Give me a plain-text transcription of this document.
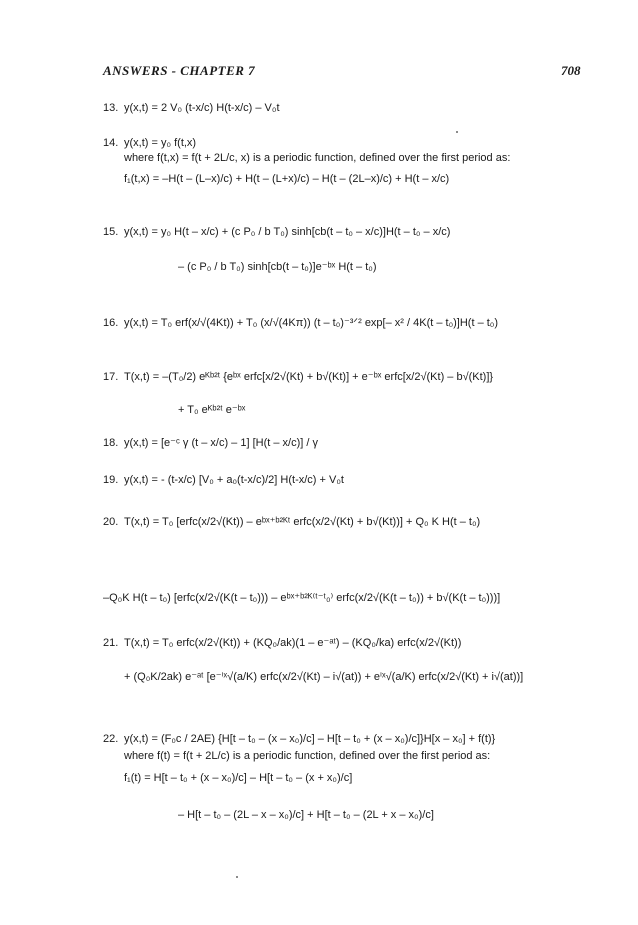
ANSWERS - CHAPTER 7	708
13. y(x,t) = 2 V₀ (t-x/c) H(t-x/c) – V₀t
14. y(x,t) = y₀ f(t,x)
where f(t,x) = f(t + 2L/c, x) is a periodic function, defined over the first period as:
f₁(t,x) = –H(t – (L–x)/c) + H(t – (L+x)/c) – H(t – (2L–x)/c) + H(t – x/c)
15. y(x,t) = y₀ H(t – x/c) + (c P₀ / b T₀) sinh[cb(t – t₀ – x/c)]H(t – t₀ – x/c)
– (c P₀ / b T₀) sinh[cb(t – t₀)]e⁻ᵇˣ H(t – t₀)
16. y(x,t) = T₀ erf(x/√(4Kt)) + T₀ (x/√(4Kπ)) (t – t₀)⁻³ᐟ² exp[– x² / 4K(t – t₀)]H(t – t₀)
17. T(x,t) = –(T₀/2) eᴷᵇ²ᵗ {eᵇˣ erfc[x/2√(Kt) + b√(Kt)] + e⁻ᵇˣ erfc[x/2√(Kt) – b√(Kt)]}
+ T₀ eᴷᵇ²ᵗ e⁻ᵇˣ
18. y(x,t) = [e⁻ᶜ γ (t – x/c) – 1] [H(t – x/c)] / γ
19. y(x,t) = - (t-x/c) [V₀ + a₀(t-x/c)/2] H(t-x/c) + V₀t
20. T(x,t) = T₀ [erfc(x/2√(Kt)) – eᵇˣ⁺ᵇ²ᴷᵗ erfc(x/2√(Kt) + b√(Kt))] + Q₀ K H(t – t₀)
–Q₀K H(t – t₀) [erfc(x/2√(K(t – t₀))) – eᵇˣ⁺ᵇ²ᴷ⁽ᵗ⁻ᵗ₀⁾ erfc(x/2√(K(t – t₀)) + b√(K(t – t₀)))]
21. T(x,t) = T₀ erfc(x/2√(Kt)) + (KQ₀/ak)(1 – e⁻ᵃᵗ) – (KQ₀/ka) erfc(x/2√(Kt))
+ (Q₀K/2ak) e⁻ᵃᵗ [e⁻ⁱˣ√(a/K) erfc(x/2√(Kt) – i√(at)) + eⁱˣ√(a/K) erfc(x/2√(Kt) + i√(at))]
22. y(x,t) = (F₀c / 2AE) {H[t – t₀ – (x – x₀)/c] – H[t – t₀ + (x – x₀)/c]}H[x – x₀] + f(t)}
where f(t) = f(t + 2L/c) is a periodic function, defined over the first period as:
f₁(t) = H[t – t₀ + (x – x₀)/c] – H[t – t₀ – (x + x₀)/c]
– H[t – t₀ – (2L – x – x₀)/c] + H[t – t₀ – (2L + x – x₀)/c]
